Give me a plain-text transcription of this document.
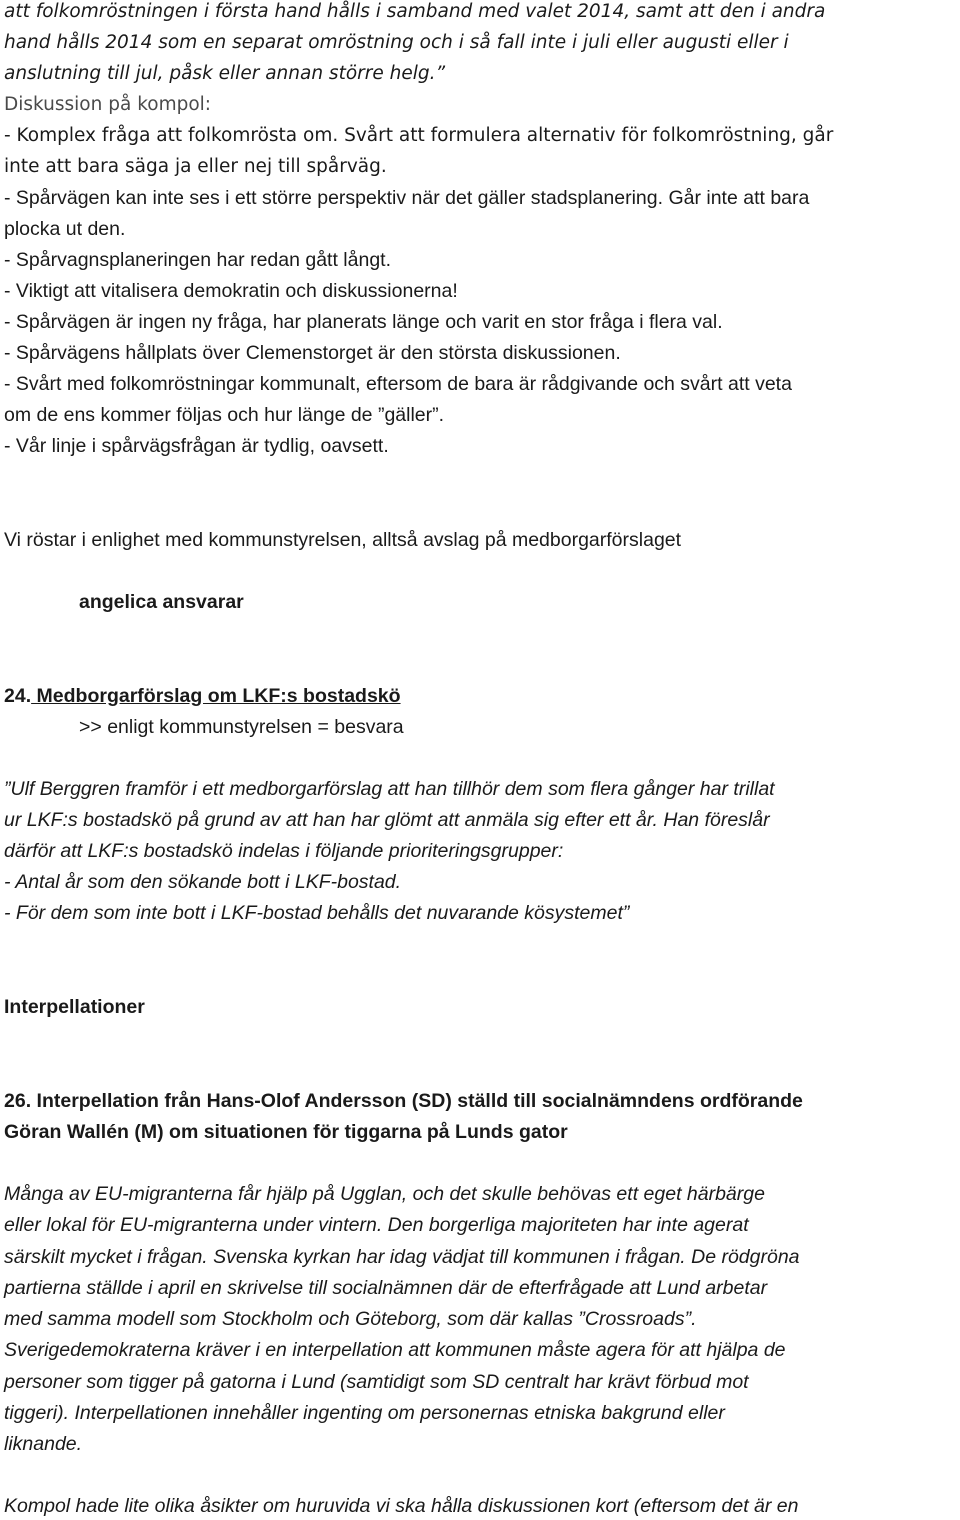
att folkomröstningen i första hand hålls i samband med valet 2014, samt att den i andra
hand hålls 2014 som en separat omröstning och i så fall inte i juli eller augusti eller i
anslutning till jul, påsk eller annan större helg.”
Diskussion på kompol:
- Komplex fråga att folkomrösta om. Svårt att formulera alternativ för folkomröstning, går
inte att bara säga ja eller nej till spårväg.
- Spårvägen kan inte ses i ett större perspektiv när det gäller stadsplanering. Går inte att bara
plocka ut den.
- Spårvagnsplaneringen har redan gått långt.
- Viktigt att vitalisera demokratin och diskussionerna!
- Spårvägen är ingen ny fråga, har planerats länge och varit en stor fråga i flera val.
- Spårvägens hållplats över Clemenstorget är den största diskussionen.
- Svårt med folkomröstningar kommunalt, eftersom de bara är rådgivande och svårt att veta
om de ens kommer följas och hur länge de ”gäller”.
- Vår linje i spårvägsfrågan är tydlig, oavsett.
Vi röstar i enlighet med kommunstyrelsen, alltså avslag på medborgarförslaget
angelica ansvarar
24. Medborgarförslag om LKF:s bostadskö
>> enligt kommunstyrelsen = besvara
”Ulf Berggren framför i ett medborgarförslag att han tillhör dem som flera gånger har trillat
ur LKF:s bostadskö på grund av att han har glömt att anmäla sig efter ett år. Han föreslår
därför att LKF:s bostadskö indelas i följande prioriteringsgrupper:
- Antal år som den sökande bott i LKF-bostad.
- För dem som inte bott i LKF-bostad behålls det nuvarande kösystemet”
Interpellationer
26. Interpellation från Hans-Olof Andersson (SD) ställd till socialnämndens ordförande
Göran Wallén (M) om situationen för tiggarna på Lunds gator
Många av EU-migranterna får hjälp på Ugglan, och det skulle behövas ett eget härbärge
eller lokal för EU-migranterna under vintern. Den borgerliga majoriteten har inte agerat
särskilt mycket i frågan. Svenska kyrkan har idag vädjat till kommunen i frågan. De rödgröna
partierna ställde i april en skrivelse till socialnämnen där de efterfrågade att Lund arbetar
med samma modell som Stockholm och Göteborg, som där kallas ”Crossroads”.
Sverigedemokraterna kräver i en interpellation att kommunen måste agera för att hjälpa de
personer som tigger på gatorna i Lund (samtidigt som SD centralt har krävt förbud mot
tiggeri). Interpellationen innehåller ingenting om personernas etniska bakgrund eller
liknande.
Kompol hade lite olika åsikter om huruvida vi ska hålla diskussionen kort (eftersom det är en
